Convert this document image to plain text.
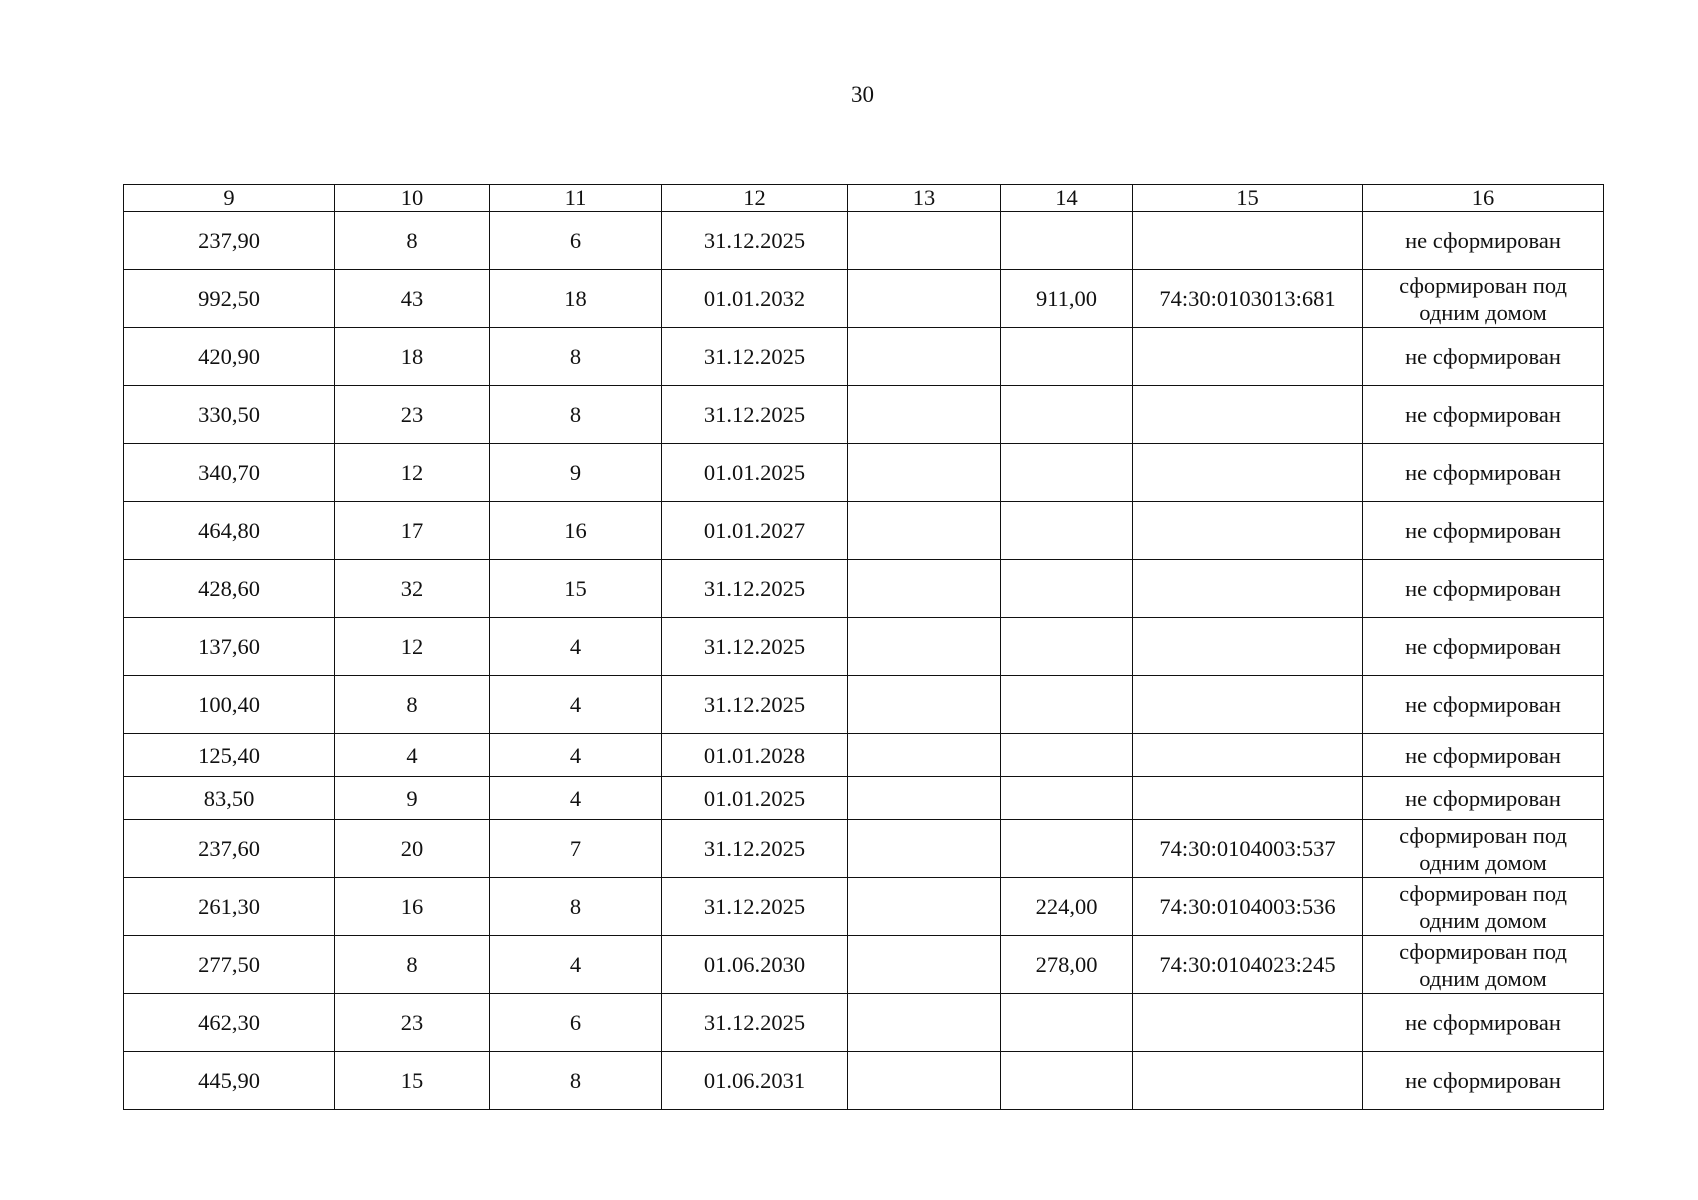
30
9	10	11	12	13	14	15	16
237,90	8	6	31.12.2025				не сформирован
992,50	43	18	01.01.2032		911,00	74:30:0103013:681	сформирован под одним домом
420,90	18	8	31.12.2025				не сформирован
330,50	23	8	31.12.2025				не сформирован
340,70	12	9	01.01.2025				не сформирован
464,80	17	16	01.01.2027				не сформирован
428,60	32	15	31.12.2025				не сформирован
137,60	12	4	31.12.2025				не сформирован
100,40	8	4	31.12.2025				не сформирован
125,40	4	4	01.01.2028				не сформирован
83,50	9	4	01.01.2025				не сформирован
237,60	20	7	31.12.2025			74:30:0104003:537	сформирован под одним домом
261,30	16	8	31.12.2025		224,00	74:30:0104003:536	сформирован под одним домом
277,50	8	4	01.06.2030		278,00	74:30:0104023:245	сформирован под одним домом
462,30	23	6	31.12.2025				не сформирован
445,90	15	8	01.06.2031				не сформирован
